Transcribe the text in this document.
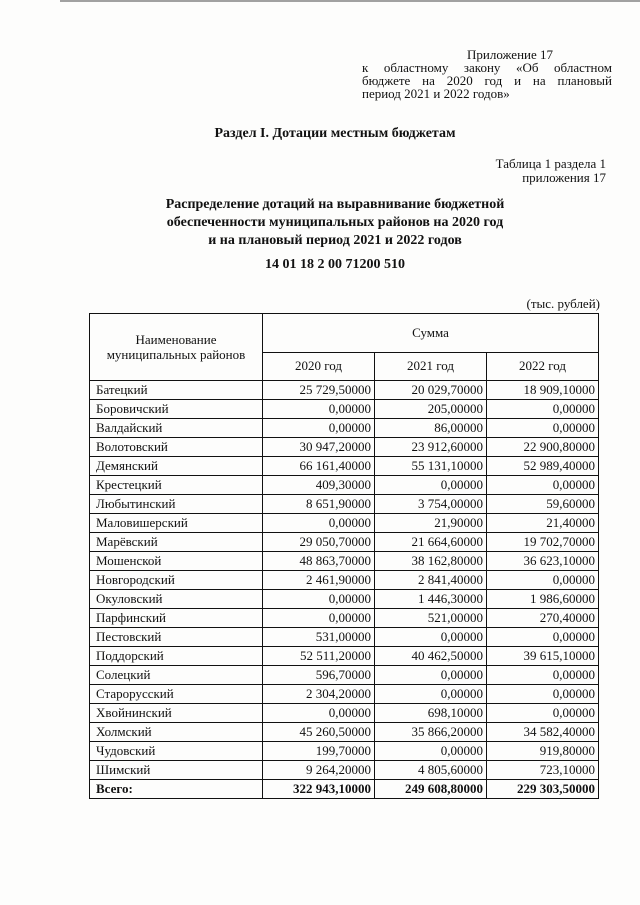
Приложение 17
к областному закону «Об областном
бюджете на 2020 год и на плановый
период 2021 и 2022 годов»
Раздел I. Дотации местным бюджетам
Таблица 1 раздела 1
приложения 17
Распределение дотаций на выравнивание бюджетной
обеспеченности муниципальных районов на 2020 год
и на плановый период 2021 и 2022 годов
14 01 18 2 00 71200 510
(тыс. рублей)
Наименование муниципальных районов	Сумма		
	2020 год	2021 год	2022 год
Батецкий	25 729,50000	20 029,70000	18 909,10000
Боровичский	0,00000	205,00000	0,00000
Валдайский	0,00000	86,00000	0,00000
Волотовский	30 947,20000	23 912,60000	22 900,80000
Демянский	66 161,40000	55 131,10000	52 989,40000
Крестецкий	409,30000	0,00000	0,00000
Любытинский	8 651,90000	3 754,00000	59,60000
Маловишерский	0,00000	21,90000	21,40000
Марёвский	29 050,70000	21 664,60000	19 702,70000
Мошенской	48 863,70000	38 162,80000	36 623,10000
Новгородский	2 461,90000	2 841,40000	0,00000
Окуловский	0,00000	1 446,30000	1 986,60000
Парфинский	0,00000	521,00000	270,40000
Пестовский	531,00000	0,00000	0,00000
Поддорский	52 511,20000	40 462,50000	39 615,10000
Солецкий	596,70000	0,00000	0,00000
Старорусский	2 304,20000	0,00000	0,00000
Хвойнинский	0,00000	698,10000	0,00000
Холмский	45 260,50000	35 866,20000	34 582,40000
Чудовский	199,70000	0,00000	919,80000
Шимский	9 264,20000	4 805,60000	723,10000
Всего:	322 943,10000	249 608,80000	229 303,50000
